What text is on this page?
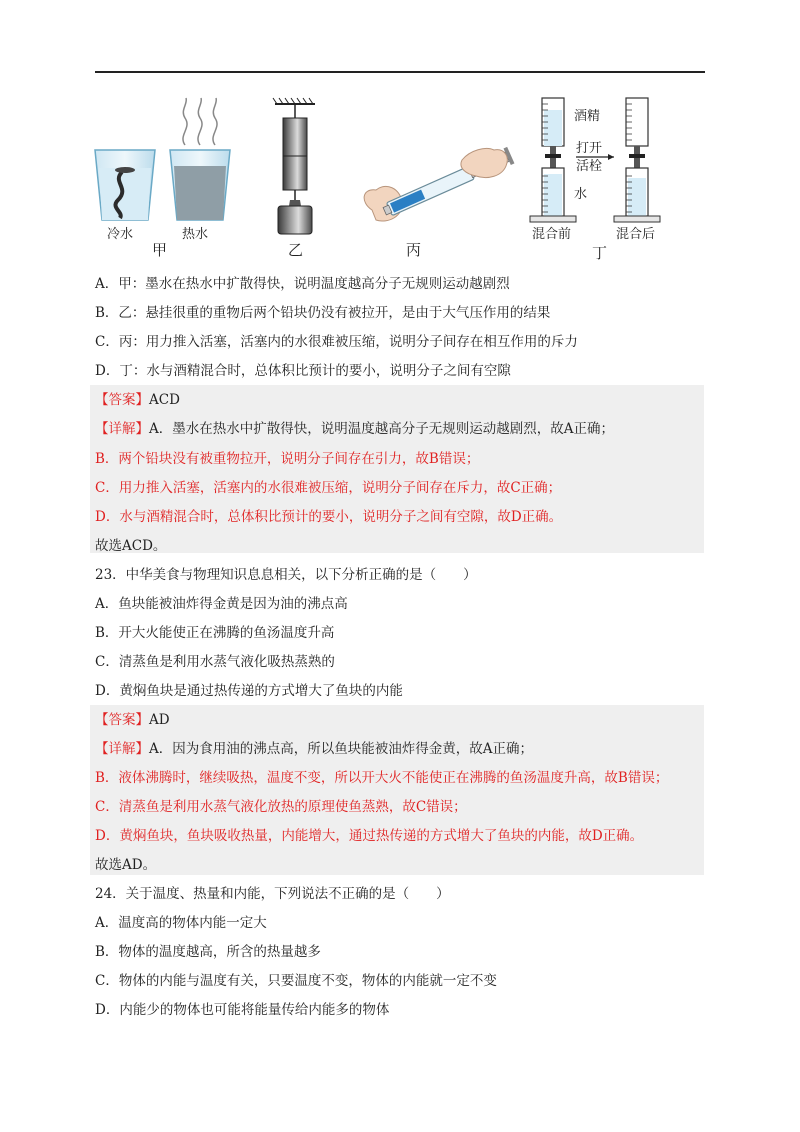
冷水	热水
甲	乙	丙
酒精
水
打开
活栓
混合前	混合后
丁
A．甲：墨水在热水中扩散得快，说明温度越高分子无规则运动越剧烈
B．乙：悬挂很重的重物后两个铅块仍没有被拉开，是由于大气压作用的结果
C．丙：用力推入活塞，活塞内的水很难被压缩，说明分子间存在相互作用的斥力
D．丁：水与酒精混合时，总体积比预计的要小，说明分子之间有空隙
【答案】ACD
【详解】A．墨水在热水中扩散得快，说明温度越高分子无规则运动越剧烈，故A正确；
B．两个铅块没有被重物拉开，说明分子间存在引力，故B错误；
C．用力推入活塞，活塞内的水很难被压缩，说明分子间存在斥力，故C正确；
D．水与酒精混合时，总体积比预计的要小，说明分子之间有空隙，故D正确。
故选ACD。
23．中华美食与物理知识息息相关，以下分析正确的是（　　）
A．鱼块能被油炸得金黄是因为油的沸点高
B．开大火能使正在沸腾的鱼汤温度升高
C．清蒸鱼是利用水蒸气液化吸热蒸熟的
D．黄焖鱼块是通过热传递的方式增大了鱼块的内能
【答案】AD
【详解】A．因为食用油的沸点高，所以鱼块能被油炸得金黄，故A正确；
B．液体沸腾时，继续吸热，温度不变，所以开大火不能使正在沸腾的鱼汤温度升高，故B错误；
C．清蒸鱼是利用水蒸气液化放热的原理使鱼蒸熟，故C错误；
D．黄焖鱼块，鱼块吸收热量，内能增大，通过热传递的方式增大了鱼块的内能，故D正确。
故选AD。
24．关于温度、热量和内能，下列说法不正确的是（　　）
A．温度高的物体内能一定大
B．物体的温度越高，所含的热量越多
C．物体的内能与温度有关，只要温度不变，物体的内能就一定不变
D．内能少的物体也可能将能量传给内能多的物体
